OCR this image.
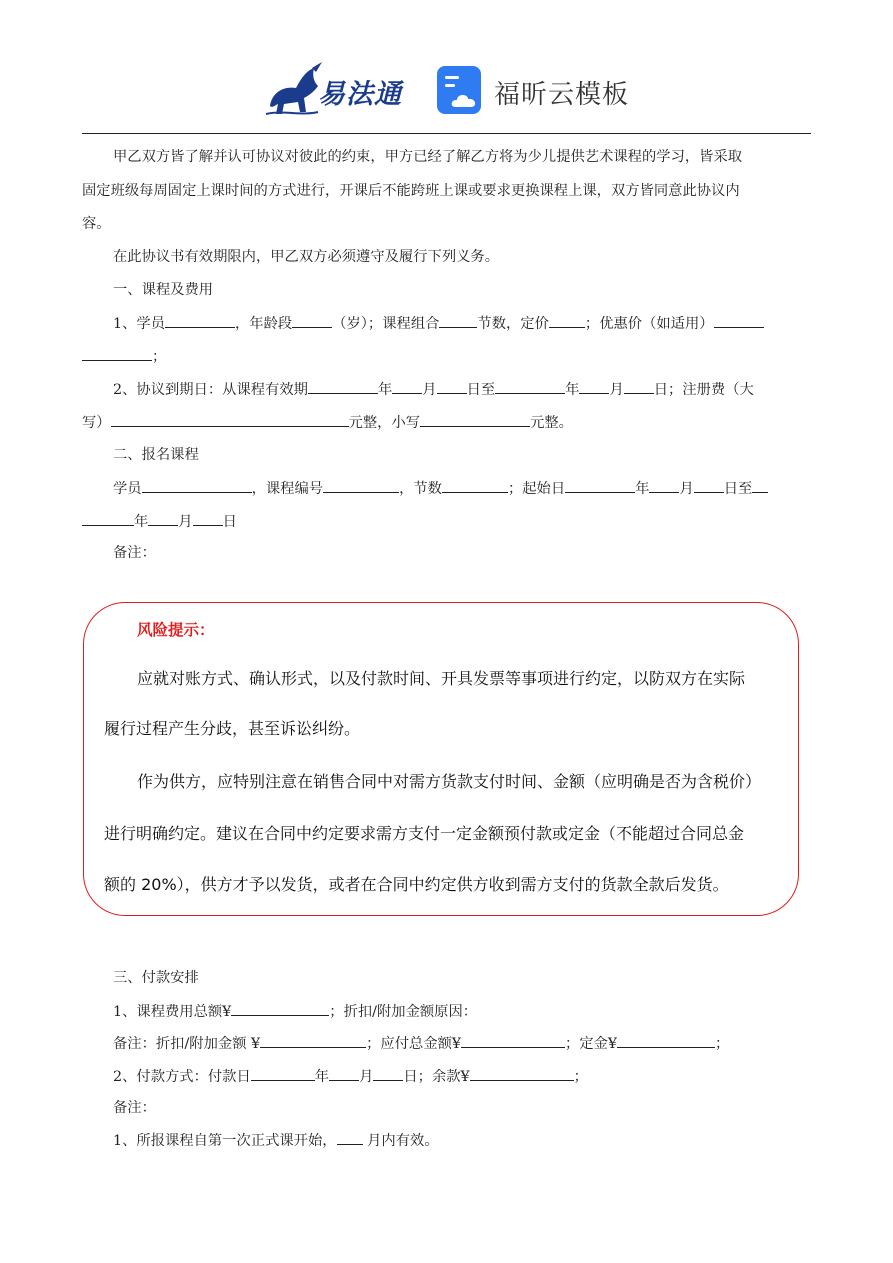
易法通	福昕云模板
甲乙双方皆了解并认可协议对彼此的约束，甲方已经了解乙方将为少儿提供艺术课程的学习，皆采取
固定班级每周固定上课时间的方式进行，开课后不能跨班上课或要求更换课程上课，双方皆同意此协议内
容。
在此协议书有效期限内，甲乙双方必须遵守及履行下列义务。
一、课程及费用
1、学员	，年龄段	（岁）；课程组合	节数，定价	；优惠价（如适用）
；
2、协议到期日：从课程有效期	年 月 日至	年 月 日；注册费（大
写）	元整，小写	元整。
二、报名课程
学员	，课程编号	，节数	；起始日	年 月 日至
年 月 日
备注：
风险提示：
应就对账方式、确认形式，以及付款时间、开具发票等事项进行约定，以防双方在实际
履行过程产生分歧，甚至诉讼纠纷。
作为供方，应特别注意在销售合同中对需方货款支付时间、金额（应明确是否为含税价）
进行明确约定。建议在合同中约定要求需方支付一定金额预付款或定金（不能超过合同总金
额的 20%），供方才予以发货，或者在合同中约定供方收到需方支付的货款全款后发货。
三、付款安排
1、课程费用总额¥	；折扣/附加金额原因：
备注：折扣/附加金额 ¥	；应付总金额¥	；定金¥	；
2、付款方式：付款日	年 月 日；余款¥	；
备注：
1、所报课程自第一次正式课开始， 月内有效。
